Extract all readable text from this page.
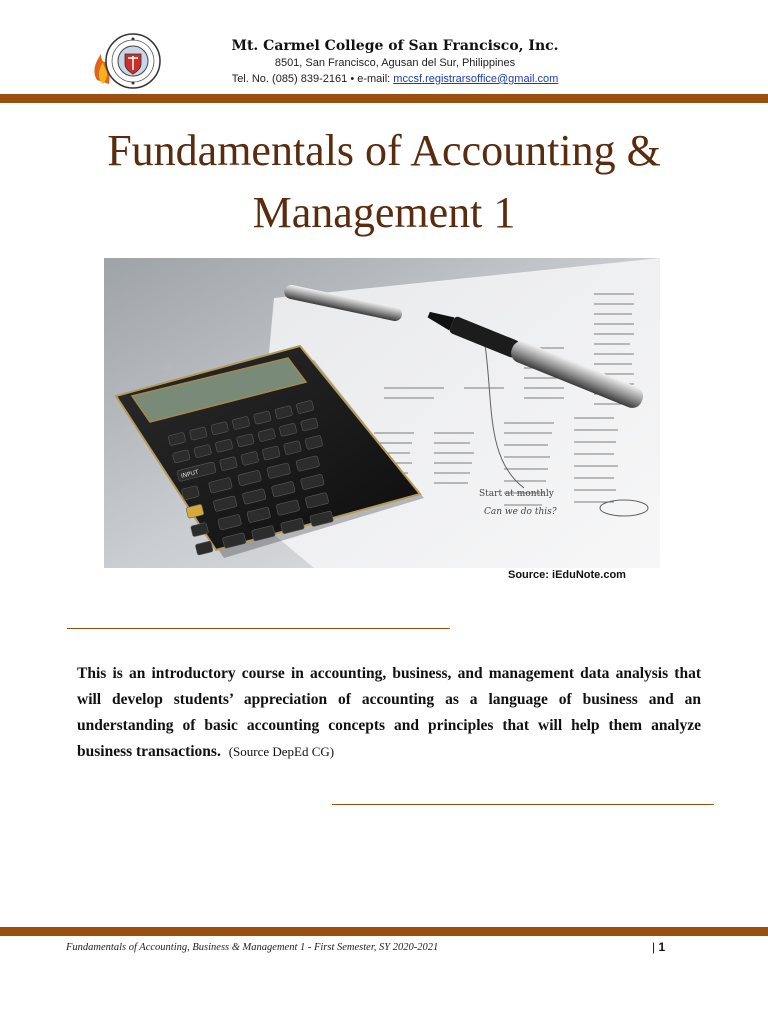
Mt. Carmel College of San Francisco, Inc.
8501, San Francisco, Agusan del Sur, Philippines
Tel. No. (085) 839-2161 • e-mail: mccsf.registrarsoffice@gmail.com
Fundamentals of Accounting &
Management 1
Start at monthly
Can we do this?
hp
INPUT
Source: iEduNote.com
This is an introductory course in accounting, business, and management data analysis that will develop students’ appreciation of accounting as a language of business and an understanding of basic accounting concepts and principles that will help them analyze business transactions. (Source DepEd CG)
Fundamentals of Accounting, Business & Management 1 - First Semester, SY 2020-2021	| 1
